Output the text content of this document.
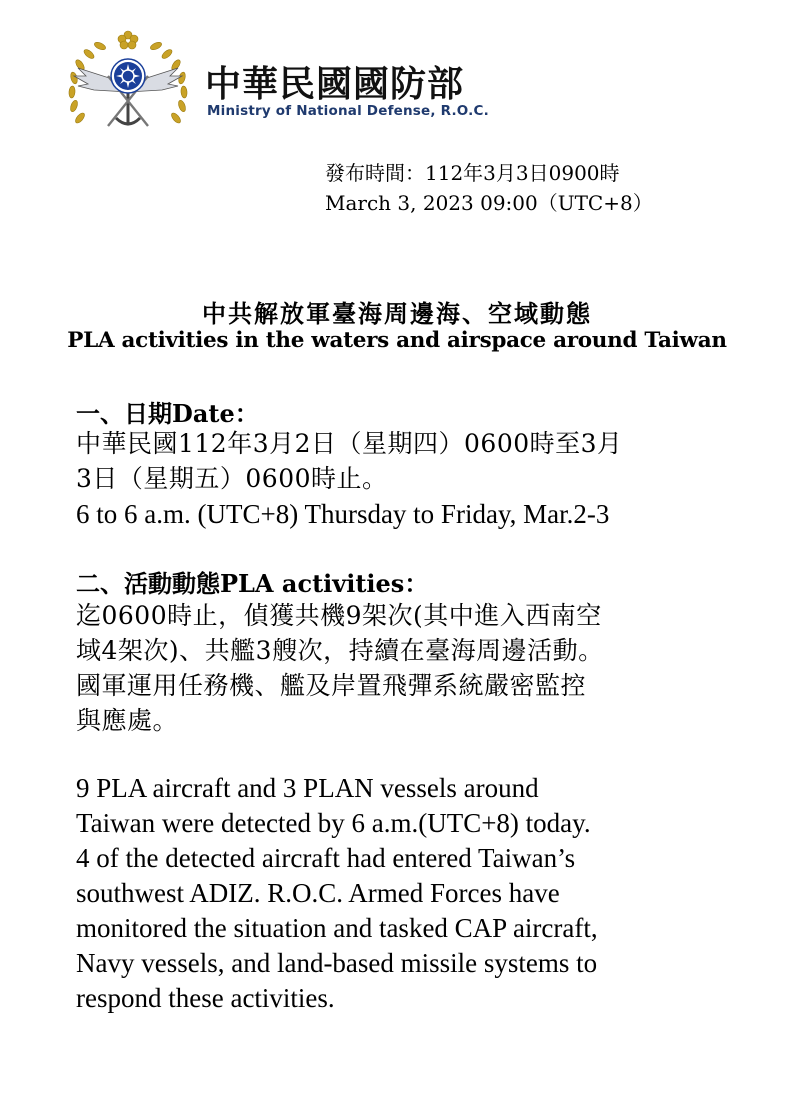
中華民國國防部
Ministry of National Defense, R.O.C.
發布時間：112年3月3日0900時
March 3, 2023 09:00（UTC+8）
中共解放軍臺海周邊海、空域動態
PLA activities in the waters and airspace around Taiwan
一、日期Date：
中華民國112年3月2日（星期四）0600時至3月
3日（星期五）0600時止。
6 to 6 a.m. (UTC+8) Thursday to Friday, Mar.2-3
二、活動動態PLA activities：
迄0600時止，偵獲共機9架次(其中進入西南空
域4架次)、共艦3艘次，持續在臺海周邊活動。
國軍運用任務機、艦及岸置飛彈系統嚴密監控
與應處。
9 PLA aircraft and 3 PLAN vessels around
Taiwan were detected by 6 a.m.(UTC+8) today.
4 of the detected aircraft had entered Taiwan’s
southwest ADIZ. R.O.C. Armed Forces have
monitored the situation and tasked CAP aircraft,
Navy vessels, and land-based missile systems to
respond these activities.
